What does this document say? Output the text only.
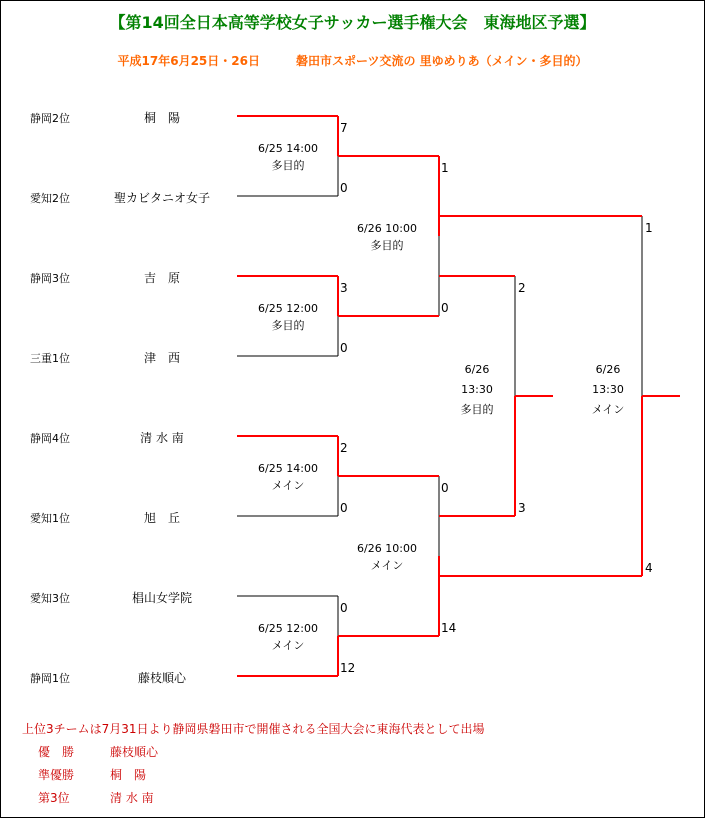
【第14回全日本高等学校女子サッカー選手権大会　東海地区予選】
平成17年6月25日・26日　　　磐田市スポーツ交流の 里ゆめりあ（メイン・多目的）
静岡2位	桐　陽
愛知2位	聖カビタニオ女子
静岡3位	吉　原
三重1位	津　西
静岡4位	清 水 南
愛知1位	旭　丘
愛知3位	椙山女学院
静岡1位	藤枝順心
6/25 14:00
多目的
6/25 12:00
多目的
6/25 14:00
メイン
6/25 12:00
メイン
6/26 10:00
多目的
6/26 10:00
メイン
6/26
13:30
多目的
6/26
13:30
メイン
7
0
3
0
2
0
0
12
1
0
0
14
2
3
1
4
上位3チームは7月31日より静岡県磐田市で開催される全国大会に東海代表として出場
優　勝	藤枝順心
準優勝	桐　陽
第3位	清 水 南
